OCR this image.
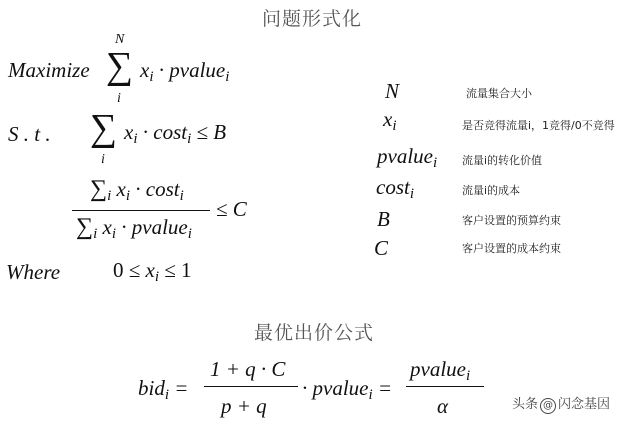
问题形式化
最优出价公式
Maximize
N
∑
i
$x_i$ · pvalue$_i$
S . t . ∑
i
$x_i \cdot \cos t_i \le B$
$\sum_i$ $x_i \cdot \cos t_i$
$\sum_i$ $x_i$ · pvalue$_i$
≤ C
Where	$0 \le x_i \le 1$
N
$x_i$
pvalue$_i$
cost$_i$
B
C
流量集合大小
是否竞得流量i，1竞得/0不竞得
流量i的转化价值
流量i的成本
客户设置的预算约束
客户设置的成本约束
bid$_i$ =
1 + q · C
p + q
· pvalue$_i$ =
pvalue$_i$
α	头条 @ 闪念基因
